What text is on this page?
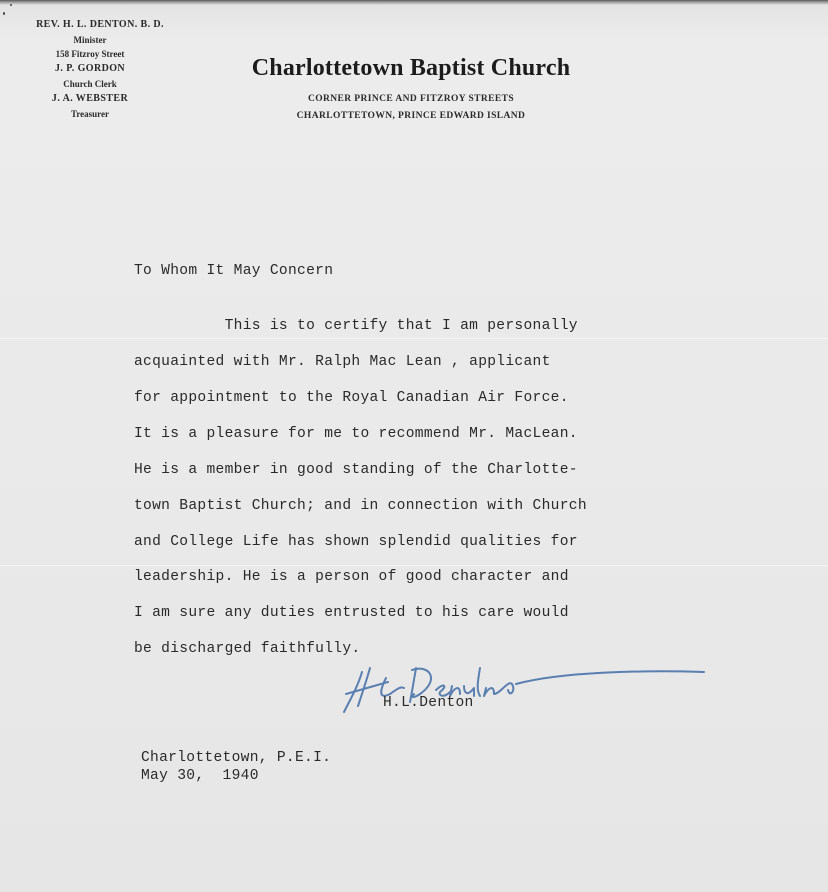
REV. H. L. DENTON. B. D.
Minister
158 Fitzroy Street
J. P. GORDON
Church Clerk
J. A. WEBSTER
Treasurer
Charlottetown Baptist Church
CORNER PRINCE AND FITZROY STREETS
CHARLOTTETOWN, PRINCE EDWARD ISLAND
To Whom It May Concern
This is to certify that I am personally
acquainted with Mr. Ralph Mac Lean , applicant
for appointment to the Royal Canadian Air Force.
It is a pleasure for me to recommend Mr. MacLean.
He is a member in good standing of the Charlotte-
town Baptist Church; and in connection with Church
and College Life has shown splendid qualities for
leadership. He is a person of good character and
I am sure any duties entrusted to his care would
be discharged faithfully.
H.L.Denton
Charlottetown, P.E.I.
May 30,  1940
